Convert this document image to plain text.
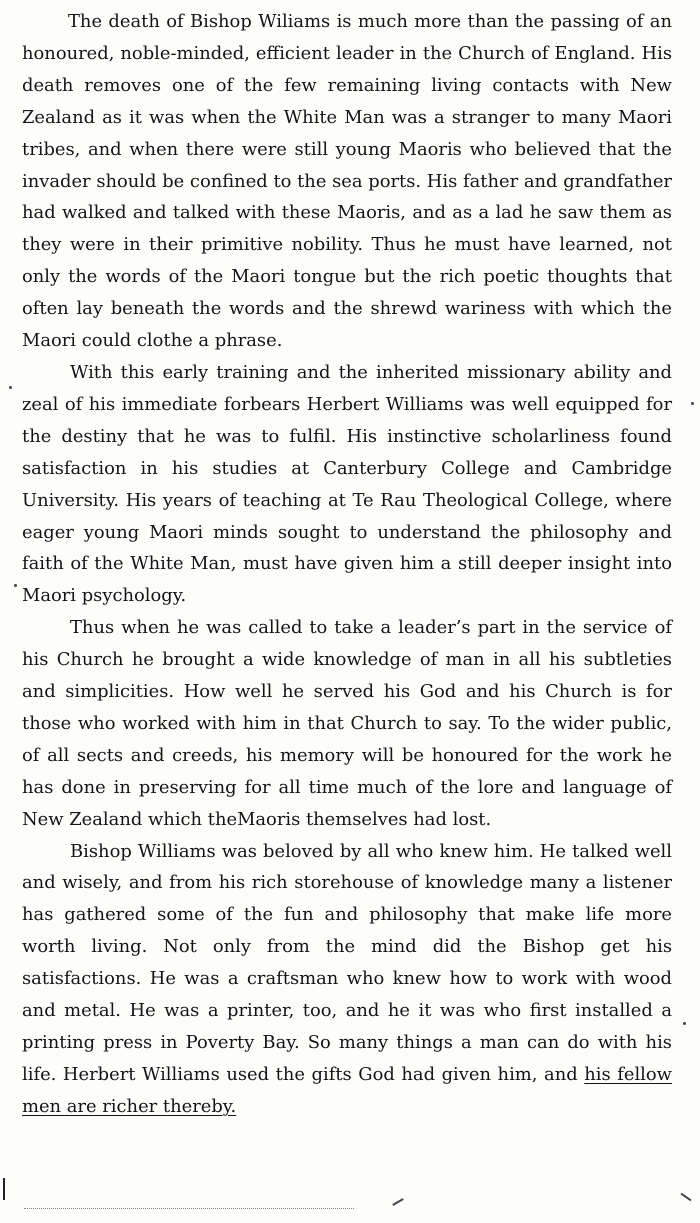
The death of Bishop Wiliams is much more than the passing of an honoured, noble-minded, efficient leader in the Church of England. His death removes one of the few remaining living contacts with New Zealand as it was when the White Man was a stranger to many Maori tribes, and when there were still young Maoris who believed that the invader should be confined to the sea ports. His father and grandfather had walked and talked with these Maoris, and as a lad he saw them as they were in their primitive nobility. Thus he must have learned, not only the words of the Maori tongue but the rich poetic thoughts that often lay beneath the words and the shrewd wariness with which the Maori could clothe a phrase.

With this early training and the inherited missionary ability and zeal of his immediate forbears Herbert Williams was well equipped for the destiny that he was to fulfil. His instinctive scholarliness found satisfaction in his studies at Canterbury College and Cambridge University. His years of teaching at Te Rau Theological College, where eager young Maori minds sought to understand the philosophy and faith of the White Man, must have given him a still deeper insight into Maori psychology.

Thus when he was called to take a leader’s part in the service of his Church he brought a wide knowledge of man in all his subtleties and simplicities. How well he served his God and his Church is for those who worked with him in that Church to say. To the wider public, of all sects and creeds, his memory will be honoured for the work he has done in preserving for all time much of the lore and language of New Zealand which theMaoris themselves had lost.

Bishop Williams was beloved by all who knew him. He talked well and wisely, and from his rich storehouse of knowledge many a listener has gathered some of the fun and philosophy that make life more worth living. Not only from the mind did the Bishop get his satisfactions. He was a craftsman who knew how to work with wood and metal. He was a printer, too, and he it was who first installed a printing press in Poverty Bay. So many things a man can do with his life. Herbert Williams used the gifts God had given him, and his fellow men are richer thereby.
